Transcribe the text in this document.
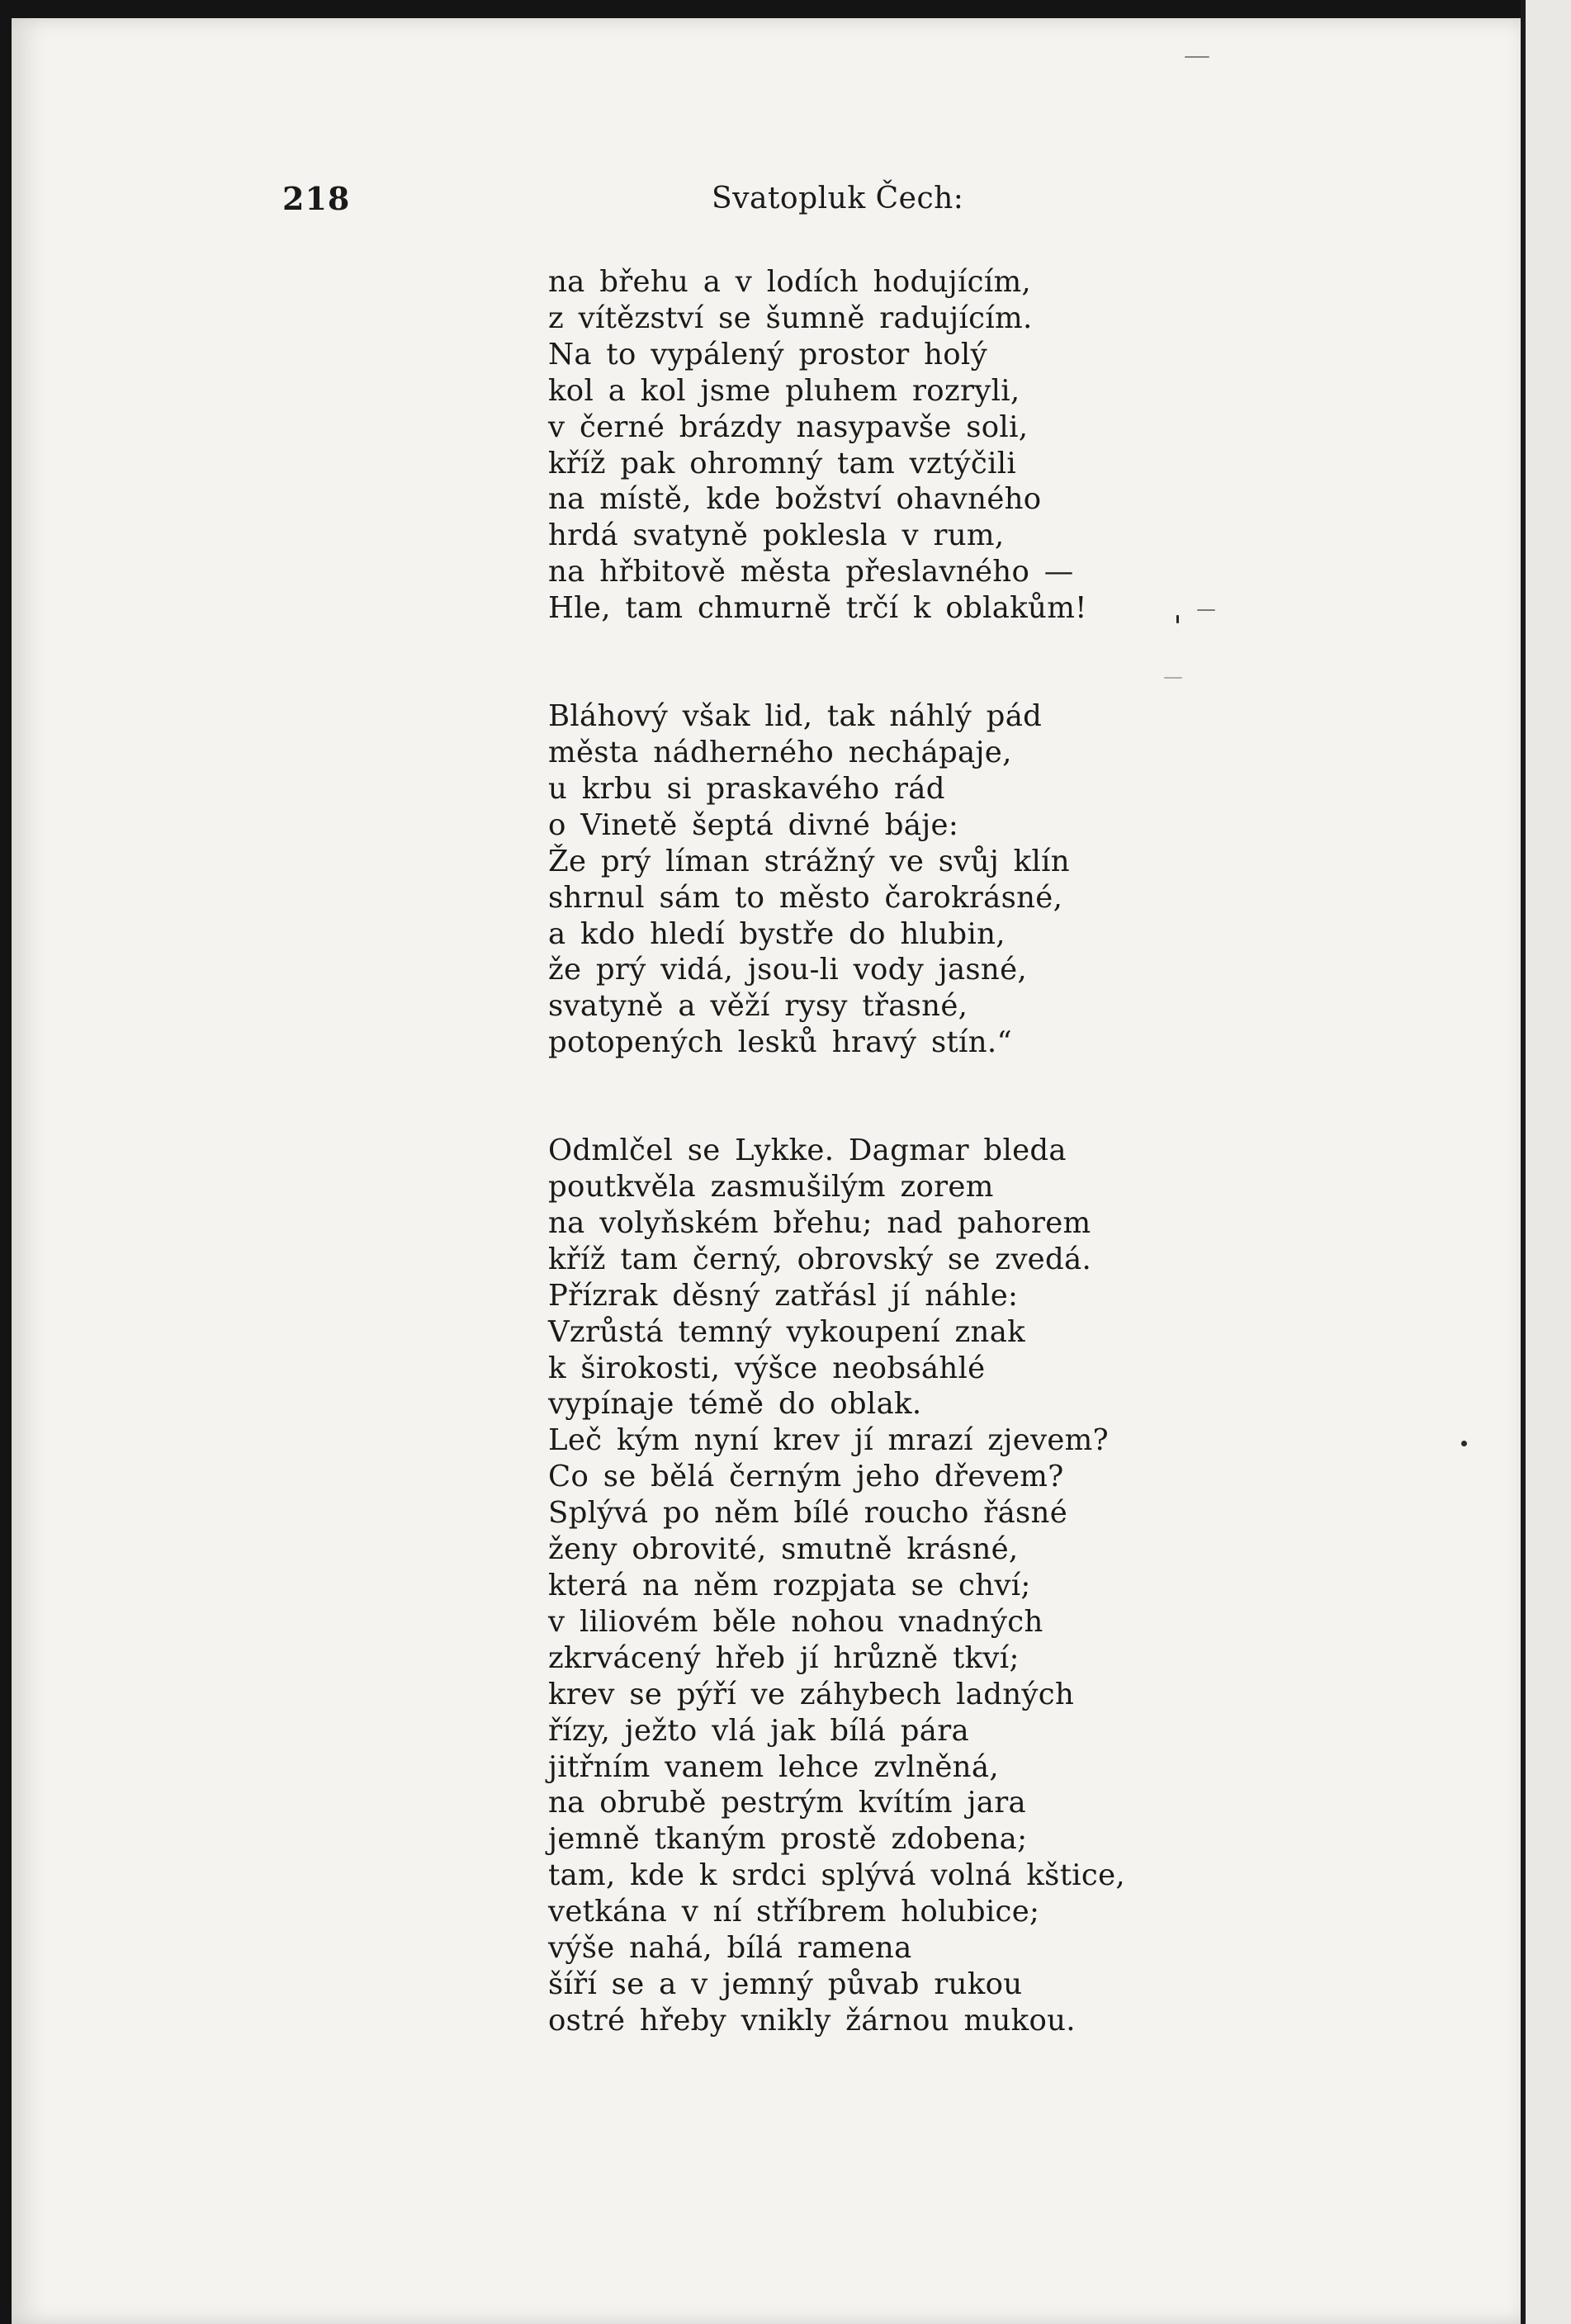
218	Svatopluk Čech:
na břehu a v lodích hodujícím,
z vítězství se šumně radujícím.
Na to vypálený prostor holý
kol a kol jsme pluhem rozryli,
v černé brázdy nasypavše soli,
kříž pak ohromný tam vztýčili
na místě, kde božství ohavného
hrdá svatyně poklesla v rum,
na hřbitově města přeslavného —
Hle, tam chmurně trčí k oblakům!
Bláhový však lid, tak náhlý pád
města nádherného nechápaje,
u krbu si praskavého rád
o Vinetě šeptá divné báje:
Že prý líman strážný ve svůj klín
shrnul sám to město čarokrásné,
a kdo hledí bystře do hlubin,
že prý vidá, jsou-li vody jasné,
svatyně a věží rysy třasné,
potopených lesků hravý stín.“
Odmlčel se Lykke. Dagmar bleda
poutkvěla zasmušilým zorem
na volyňském břehu; nad pahorem
kříž tam černý, obrovský se zvedá.
Přízrak děsný zatřásl jí náhle:
Vzrůstá temný vykoupení znak
k širokosti, výšce neobsáhlé
vypínaje témě do oblak.
Leč kým nyní krev jí mrazí zjevem?
Co se bělá černým jeho dřevem?
Splývá po něm bílé roucho řásné
ženy obrovité, smutně krásné,
která na něm rozpjata se chví;
v liliovém běle nohou vnadných
zkrvácený hřeb jí hrůzně tkví;
krev se pýří ve záhybech ladných
řízy, ježto vlá jak bílá pára
jitřním vanem lehce zvlněná,
na obrubě pestrým kvítím jara
jemně tkaným prostě zdobena;
tam, kde k srdci splývá volná kštice,
vetkána v ní stříbrem holubice;
výše nahá, bílá ramena
šíří se a v jemný půvab rukou
ostré hřeby vnikly žárnou mukou.
